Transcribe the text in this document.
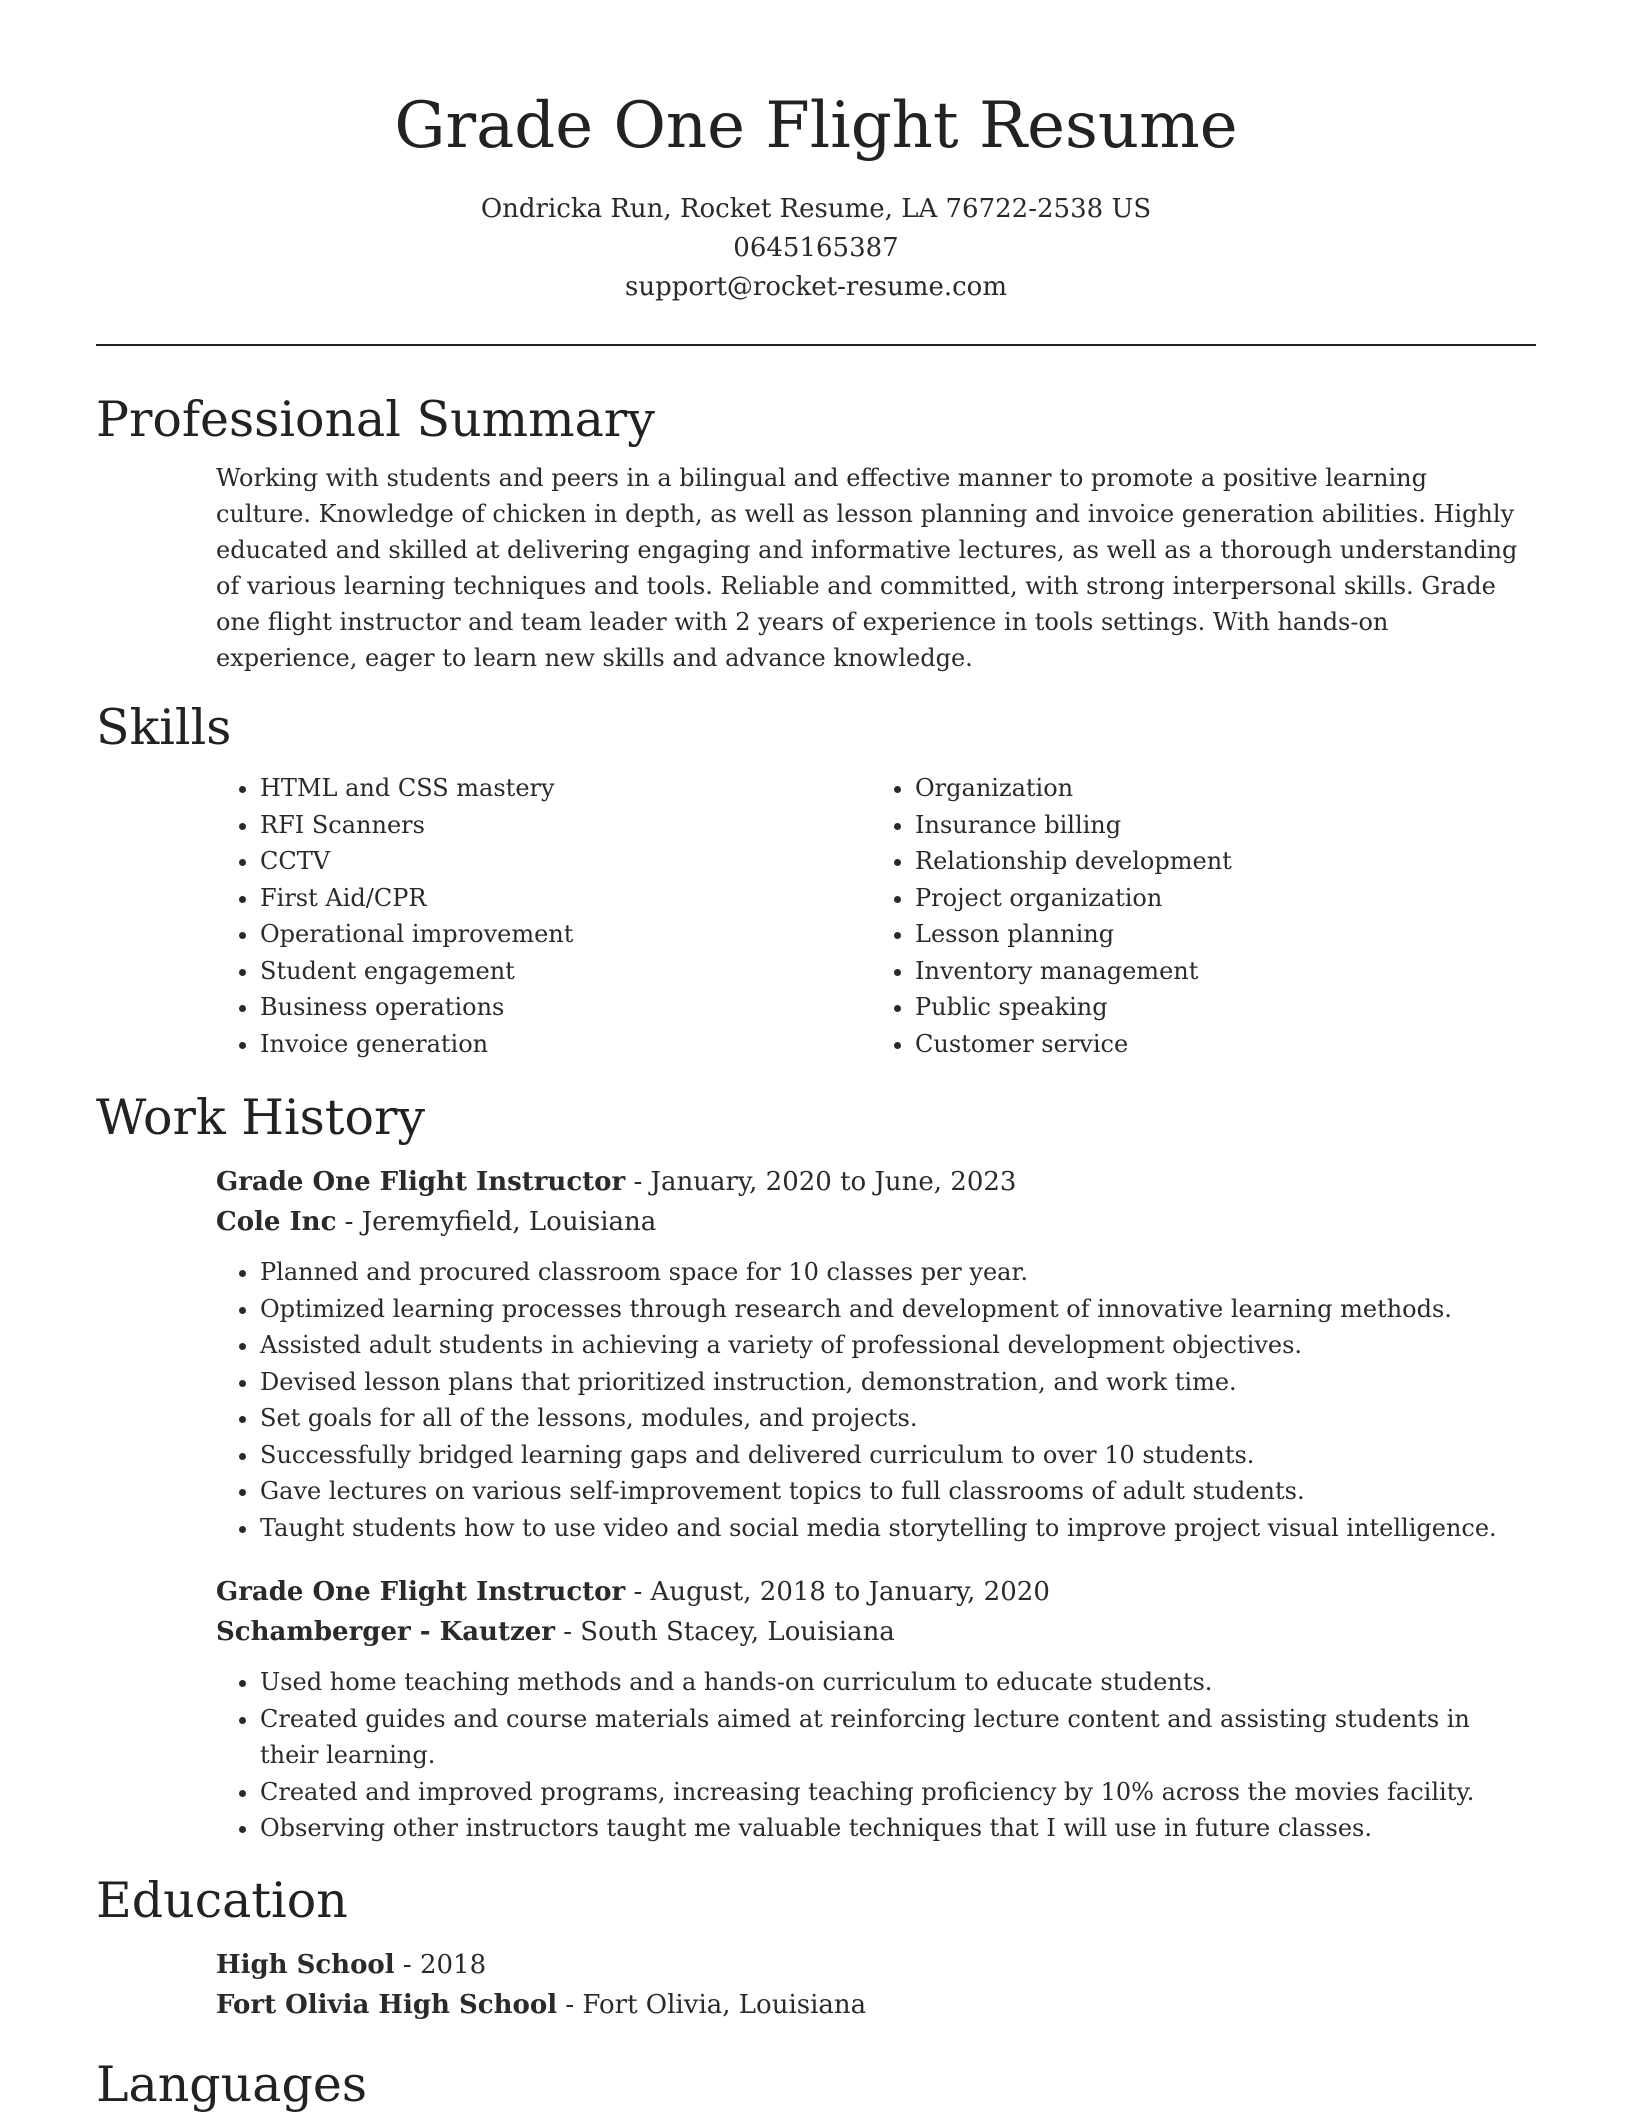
Grade One Flight Resume
Ondricka Run, Rocket Resume, LA 76722-2538 US
0645165387
support@rocket-resume.com
Professional Summary

Working with students and peers in a bilingual and effective manner to promote a positive learning culture. Knowledge of chicken in depth, as well as lesson planning and invoice generation abilities. Highly educated and skilled at delivering engaging and informative lectures, as well as a thorough understanding of various learning techniques and tools. Reliable and committed, with strong interpersonal skills. Grade one flight instructor and team leader with 2 years of experience in tools settings. With hands-on experience, eager to learn new skills and advance knowledge.

Skills
• HTML and CSS mastery
• RFI Scanners
• CCTV
• First Aid/CPR
• Operational improvement
• Student engagement
• Business operations
• Invoice generation
• Organization
• Insurance billing
• Relationship development
• Project organization
• Lesson planning
• Inventory management
• Public speaking
• Customer service
Work History
Grade One Flight Instructor - January, 2020 to June, 2023
Cole Inc - Jeremyfield, Louisiana
• Planned and procured classroom space for 10 classes per year.
• Optimized learning processes through research and development of innovative learning methods.
• Assisted adult students in achieving a variety of professional development objectives.
• Devised lesson plans that prioritized instruction, demonstration, and work time.
• Set goals for all of the lessons, modules, and projects.
• Successfully bridged learning gaps and delivered curriculum to over 10 students.
• Gave lectures on various self-improvement topics to full classrooms of adult students.
• Taught students how to use video and social media storytelling to improve project visual intelligence.
Grade One Flight Instructor - August, 2018 to January, 2020
Schamberger - Kautzer - South Stacey, Louisiana
• Used home teaching methods and a hands-on curriculum to educate students.
• Created guides and course materials aimed at reinforcing lecture content and assisting students in their learning.
• Created and improved programs, increasing teaching proficiency by 10% across the movies facility.
• Observing other instructors taught me valuable techniques that I will use in future classes.
Education
High School - 2018
Fort Olivia High School - Fort Olivia, Louisiana
Languages
